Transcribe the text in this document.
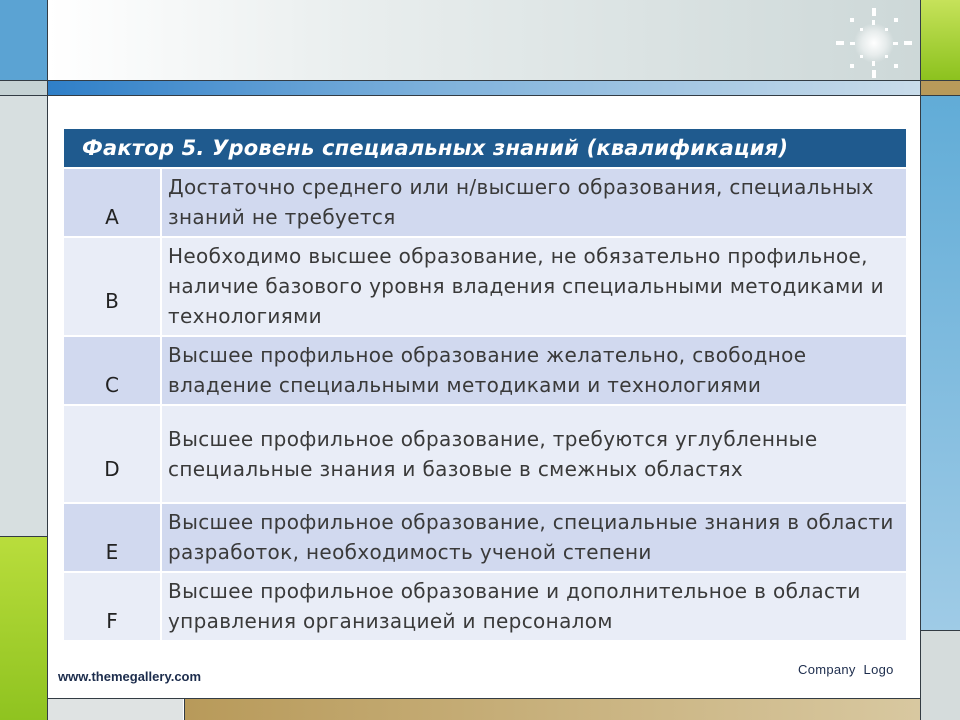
Фактор 5. Уровень специальных знаний (квалификация)	
A	Достаточно среднего или н/высшего образования, специальных знаний не требуется
B	Необходимо высшее образование, не обязательно профильное, наличие базового уровня владения специальными методиками и технологиями
C	Высшее профильное образование желательно, свободное владение специальными методиками и технологиями
D	Высшее профильное образование, требуются углубленные специальные знания и базовые в смежных областях
E	Высшее профильное образование, специальные знания в области разработок, необходимость ученой степени
F	Высшее профильное образование и дополнительное в области управления организацией и персоналом
www.themegallery.com	Company  Logo
